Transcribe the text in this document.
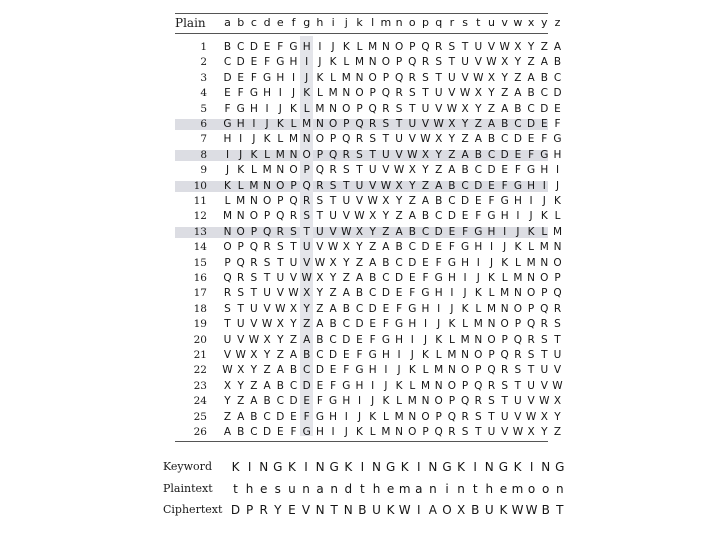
Plain a b c d e f g h i j k l m n o p q r s t u v w x y z
1 B C D E F G H I J K L M N O P Q R S T U V W X Y Z A
2 C D E F G H I J K L M N O P Q R S T U V W X Y Z A B
3 D E F G H I J K L M N O P Q R S T U V W X Y Z A B C
4	E F G H I J K L M N O P Q R S T U V W X Y Z A B C D
5	F G H I J K L M N O P Q R S T U V W X Y Z A B C D E
6 G H I J K L M N O P Q R S T U V W X Y Z A B C D E F
7 H I J K L M N O P Q R S T U V W X Y Z A B C D E F G
8	I J K L M N O P Q R S T U V W X Y Z A B C D E F G H
9	J K L M N O P Q R S T U V W X Y Z A B C D E F G H I
10 K L M N O P Q R S T U V W X Y Z A B C D E F G H I J
11	L M N O P Q R S T U V W X Y Z A B C D E F G H I J K
12 M N O P Q R S T U V W X Y Z A B C D E F G H I J K L
13 N O P Q R S T U V W X Y Z A B C D E F G H I J K L M
14 O P Q R S T U V W X Y Z A B C D E F G H I J K L M N
15	P Q R S T U V W X Y Z A B C D E F G H I J K L M N O
16 Q R S T U V W X Y Z A B C D E F G H I J K L M N O P
17 R S T U V W X Y Z A B C D E F G H I J K L M N O P Q
18	S T U V W X Y Z A B C D E F G H I J K L M N O P Q R
19	T U V W X Y Z A B C D E F G H I J K L M N O P Q R S
20 U V W X Y Z A B C D E F G H I J K L M N O P Q R S T
21 V W X Y Z A B C D E F G H I J K L M N O P Q R S T U
22 W X Y Z A B C D E F G H I J K L M N O P Q R S T U V
23 X Y Z A B C D E F G H I J K L M N O P Q R S T U V W
24	Y Z A B C D E F G H I J K L M N O P Q R S T U V W X
25 Z A B C D E F G H I J K L M N O P Q R S T U V W X Y
26 A B C D E F G H I J K L M N O P Q R S T U V W X Y Z
Keyword K I N G K I N G K I N G K I N G K I N G K I N G
Plaintext	t h e s u n a n d t h e m a n i n t h e m o o n
Ciphertext D P R Y E V N T N B U K W I A O X B U K W W B T
